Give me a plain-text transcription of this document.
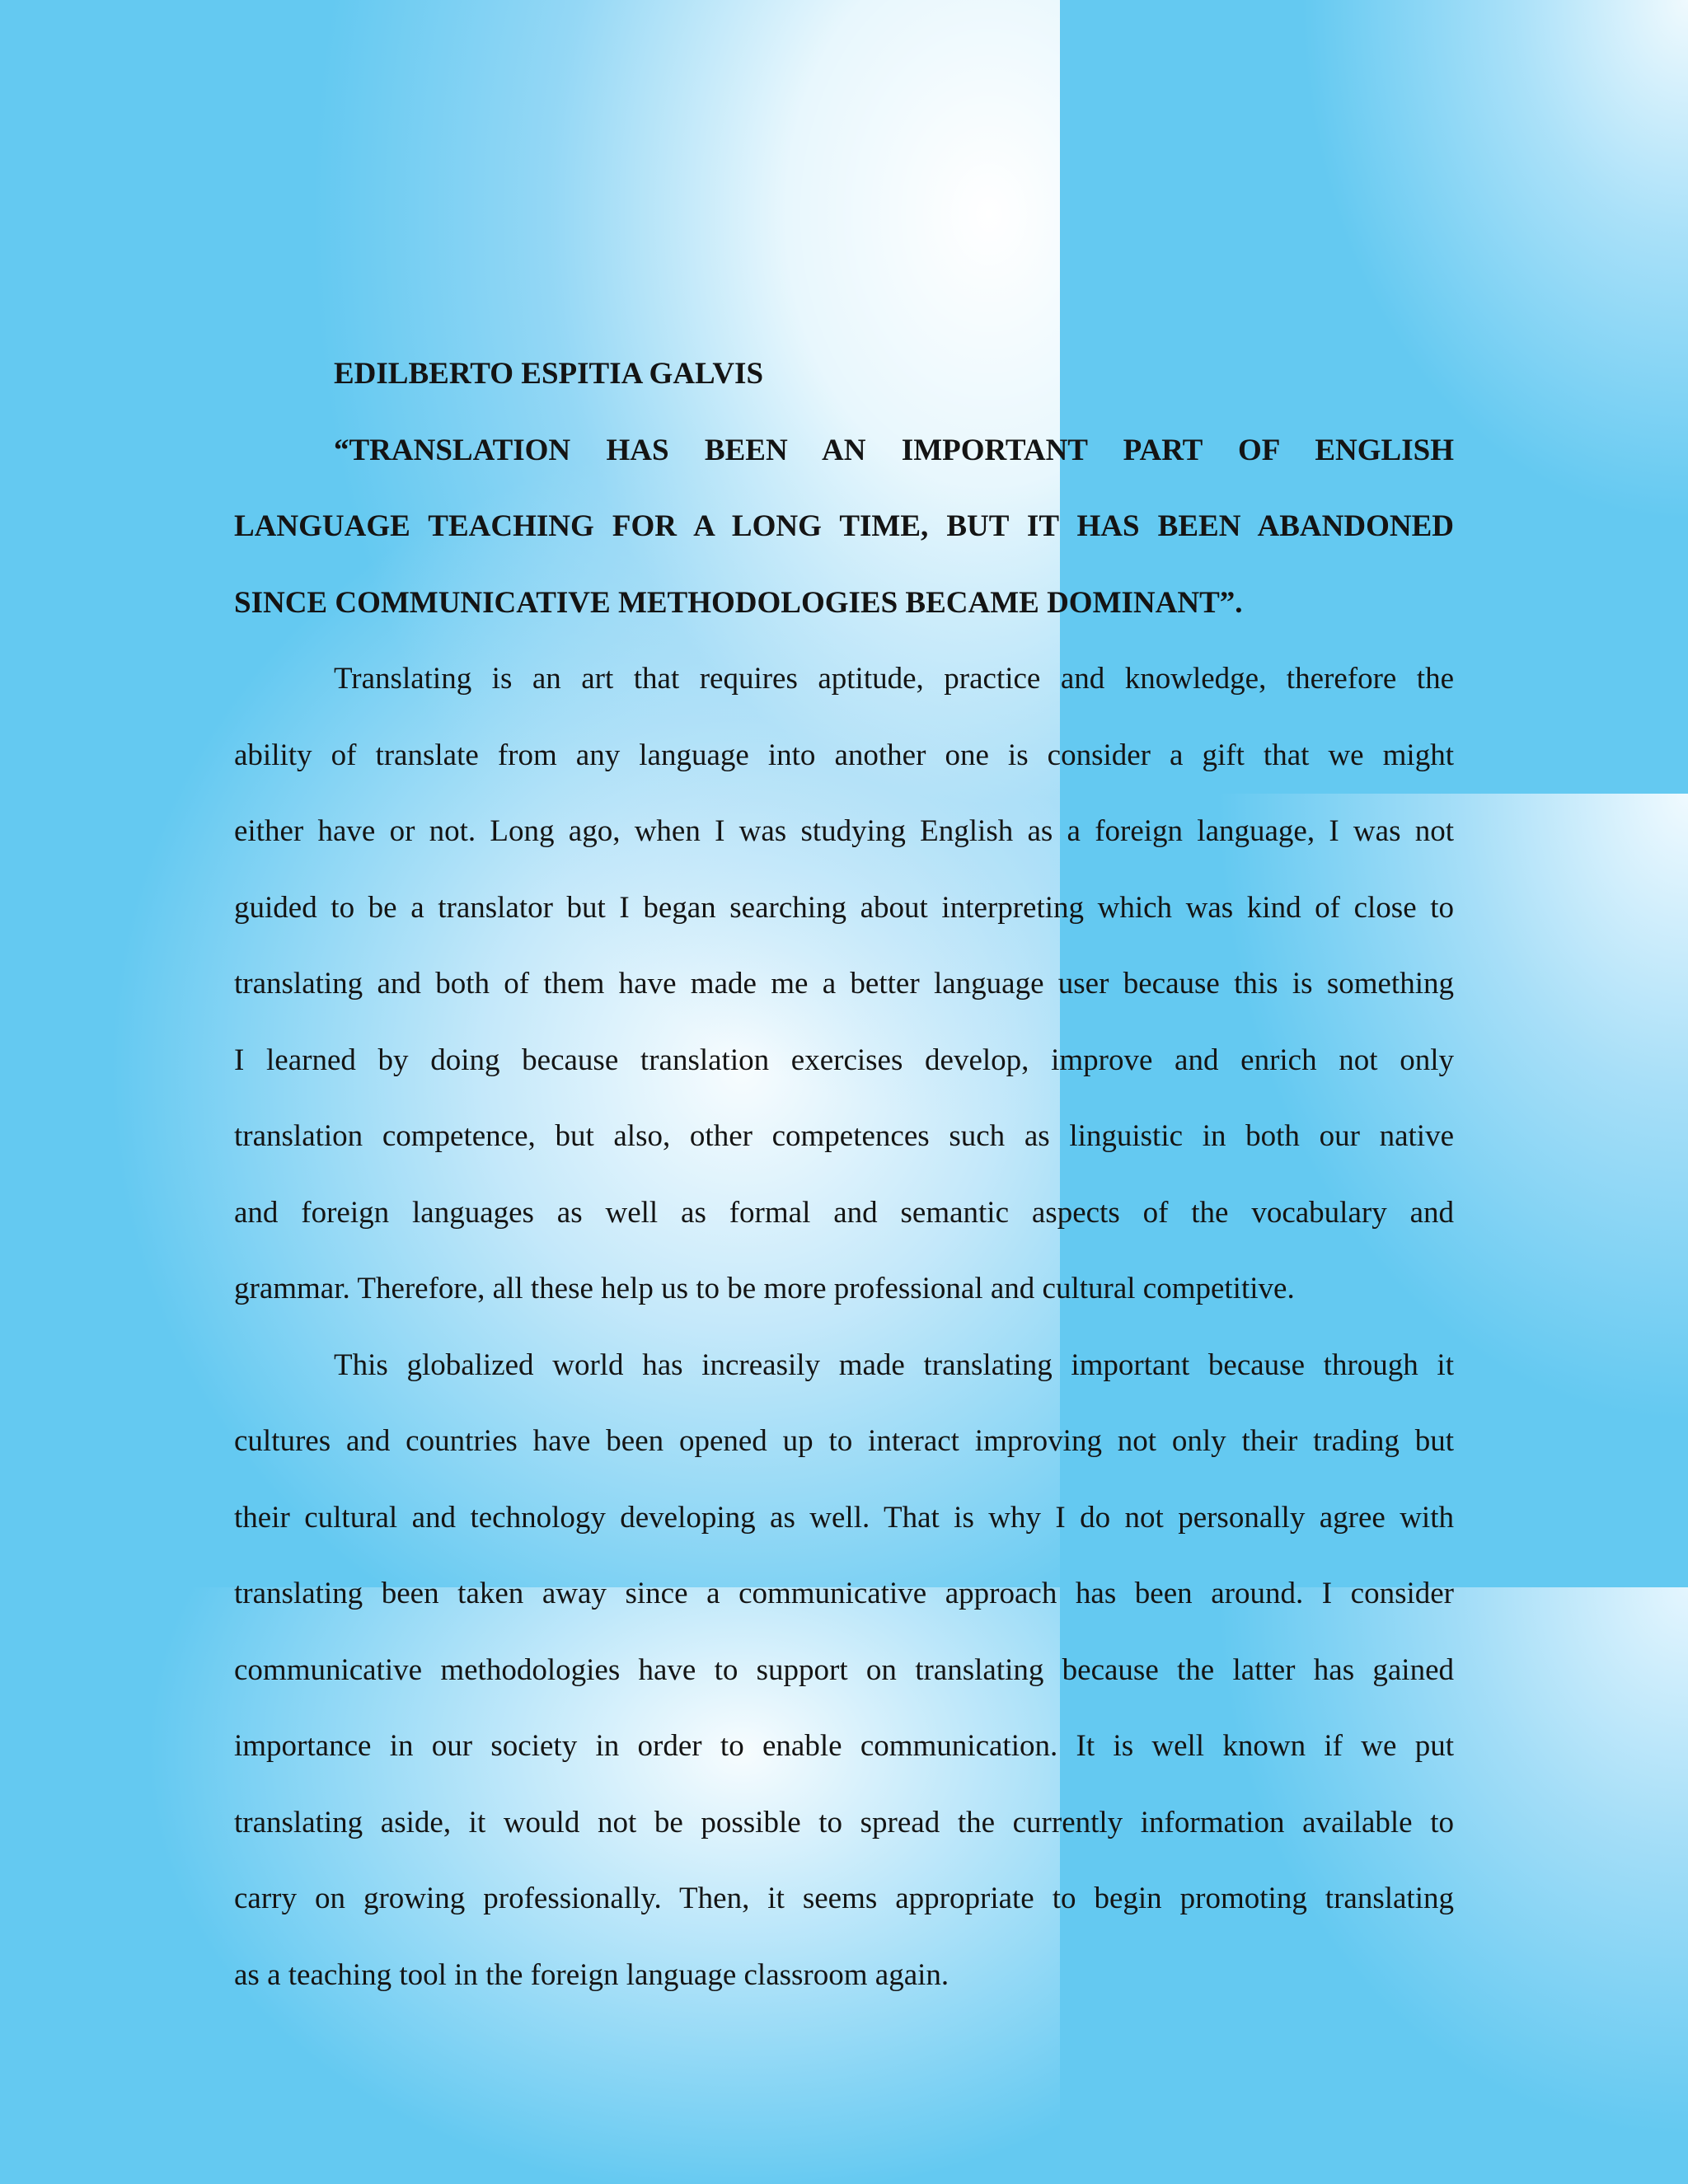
EDILBERTO ESPITIA GALVIS
“TRANSLATION HAS BEEN AN IMPORTANT PART OF ENGLISH
LANGUAGE TEACHING FOR A LONG TIME, BUT IT HAS BEEN ABANDONED
SINCE COMMUNICATIVE METHODOLOGIES BECAME DOMINANT”.
Translating is an art that requires aptitude, practice and knowledge, therefore the
ability of translate from any language into another one is consider a gift that we might
either have or not. Long ago, when I was studying English as a foreign language, I was not
guided to be a translator but I began searching about interpreting which was kind of close to
translating and both of them have made me a better language user because this is something
I learned by doing because translation exercises develop, improve and enrich not only
translation competence, but also, other competences such as linguistic in both our native
and foreign languages as well as formal and semantic aspects of the vocabulary and
grammar. Therefore, all these help us to be more professional and cultural competitive.
This globalized world has increasily made translating important because through it
cultures and countries have been opened up to interact improving not only their trading but
their cultural and technology developing as well. That is why I do not personally agree with
translating been taken away since a communicative approach has been around. I consider
communicative methodologies have to support on translating because the latter has gained
importance in our society in order to enable communication. It is well known if we put
translating aside, it would not be possible to spread the currently information available to
carry on growing professionally. Then, it seems appropriate to begin promoting translating
as a teaching tool in the foreign language classroom again.
